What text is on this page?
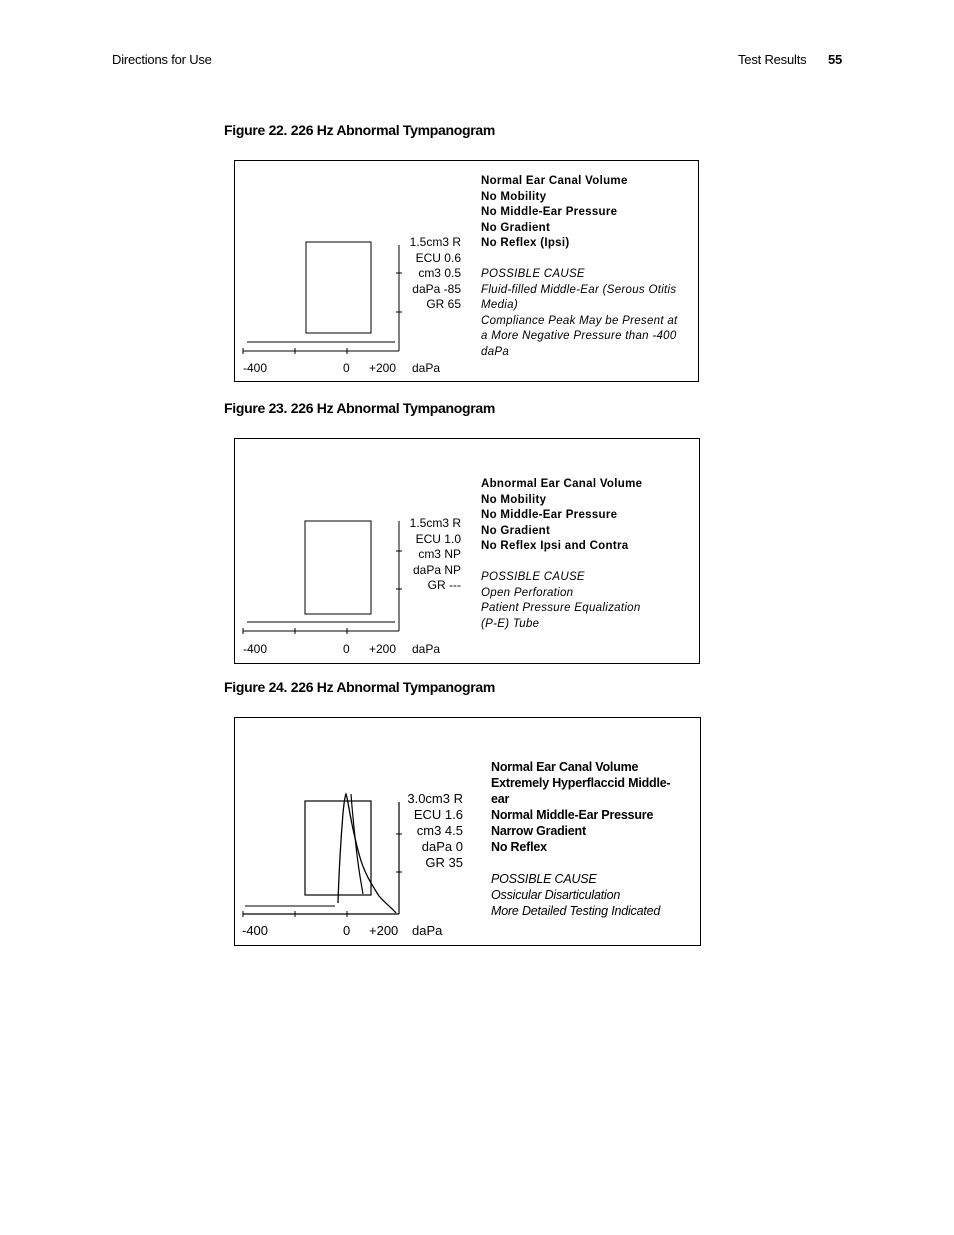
Directions for Use	Test Results 55
Figure 22. 226 Hz Abnormal Tympanogram
1.5cm3 R
ECU 0.6
cm3 0.5
daPa -85
GR 65
-400	0 +200 daPa
Normal Ear Canal Volume
No Mobility
No Middle-Ear Pressure
No Gradient
No Reflex (Ipsi)
POSSIBLE CAUSE
Fluid-filled Middle-Ear (Serous Otitis
Media)
Compliance Peak May be Present at
a More Negative Pressure than -400
daPa
Figure 23. 226 Hz Abnormal Tympanogram
1.5cm3 R
ECU 1.0
cm3 NP
daPa NP
GR ---
-400	0 +200 daPa
Abnormal Ear Canal Volume
No Mobility
No Middle-Ear Pressure
No Gradient
No Reflex Ipsi and Contra
POSSIBLE CAUSE
Open Perforation
Patient Pressure Equalization
(P-E) Tube
Figure 24. 226 Hz Abnormal Tympanogram
3.0cm3 R
ECU 1.6
cm3 4.5
daPa 0
GR 35
-400	0 +200 daPa
Normal Ear Canal Volume
Extremely Hyperflaccid Middle-
ear
Normal Middle-Ear Pressure
Narrow Gradient
No Reflex
POSSIBLE CAUSE
Ossicular Disarticulation
More Detailed Testing Indicated
